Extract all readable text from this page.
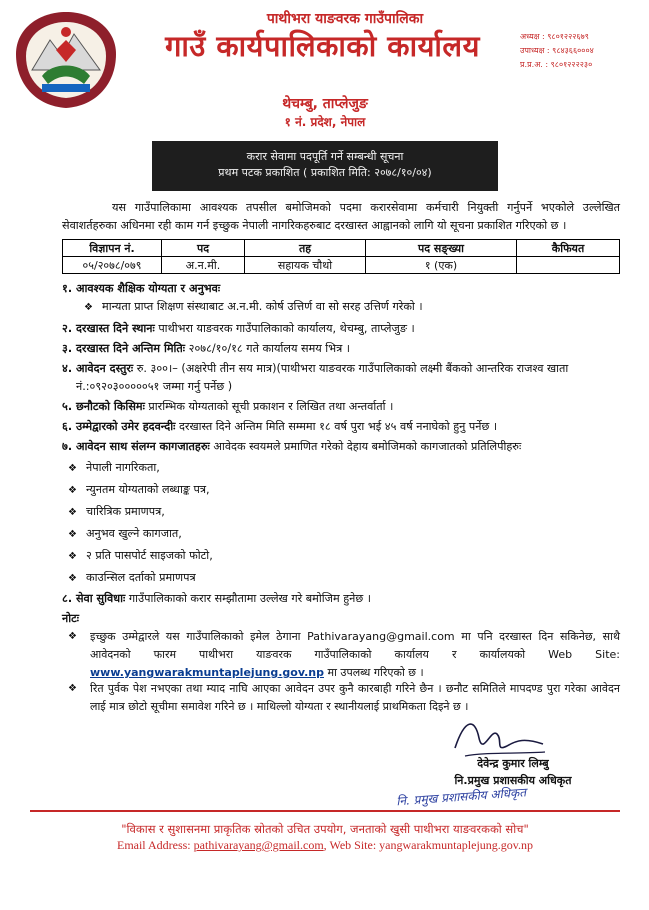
पाथीभरा याङवरक गाउँपालिका
गाउँ कार्यपालिकाको कार्यालय
थेचम्बु, ताप्लेजुङ
१ नं. प्रदेश, नेपाल
अध्यक्ष : ९८०१२२२६७९
उपाध्यक्ष : ९८४३६६०००४
प्र.प्र.अ. : ९८०१२२२२३०
करार सेवामा पदपूर्ति गर्ने सम्बन्धी सूचना
प्रथम पटक प्रकाशित ( प्रकाशित मिति: २०७८/१०/०४)
यस गाउँपालिकामा आवश्यक तपसील बमोजिमको पदमा करारसेवामा कर्मचारी नियुक्ती गर्नुपर्ने भएकोले उल्लेखित सेवाशर्तहरुका अधिनमा रही काम गर्न इच्छुक नेपाली नागरिकहरुबाट दरखास्त आह्वानको लागि यो सूचना प्रकाशित गरिएको छ ।
विज्ञापन नं.	पद	तह	पद सङ्ख्या	कैफियत
०५/२०७८/०७९	अ.न.मी.	सहायक चौथो	१ (एक)	
१. आवश्यक शैक्षिक योग्यता र अनुभवः
❖ मान्यता प्राप्त शिक्षण संस्थाबाट अ.न.मी. कोर्ष उत्तिर्ण वा सो सरह उत्तिर्ण गरेको ।
२. दरखास्त दिने स्थानः पाथीभरा याङवरक गाउँपालिकाको कार्यालय, थेचम्बु, ताप्लेजुङ ।
३. दरखास्त दिने अन्तिम मितिः २०७८/१०/१८ गते कार्यालय समय भित्र ।
४. आवेदन दस्तुरः रु. ३००।– (अक्षरेपी तीन सय मात्र)(पाथीभरा याङवरक गाउँपालिकाको लक्ष्मी बैंकको आन्तरिक राजश्व खाता
नं.:०९२०३०००००५१ जम्मा गर्नु पर्नेछ )
५. छनौटको किसिमः प्रारम्भिक योग्यताको सूची प्रकाशन र लिखित तथा अन्तर्वार्ता ।
६. उम्मेद्वारको उमेर हदवन्दीः दरखास्त दिने अन्तिम मिति सम्ममा १८ वर्ष पुरा भई ४५ वर्ष ननाघेको हुनु पर्नेछ ।
७. आवेदन साथ संलग्न कागजातहरुः आवेदक स्वयमले प्रमाणित गरेको देहाय बमोजिमको कागजातको प्रतिलिपीहरुः
❖ नेपाली नागरिकता,
❖ न्युनतम योग्यताको लब्धाङ्क पत्र,
❖ चारित्रिक प्रमाणपत्र,
❖ अनुभव खुल्ने कागजात,
❖ २ प्रति पासपोर्ट साइजको फोटो,
❖ काउन्सिल दर्ताको प्रमाणपत्र
८. सेवा सुविधाः गाउँपालिकाको करार सम्झौतामा उल्लेख गरे बमोजिम हुनेछ ।
नोटः
❖ इच्छुक उम्मेद्वारले यस गाउँपालिकाको इमेल ठेगाना Pathivarayang@gmail.com मा पनि दरखास्त दिन सकिनेछ, साथै आवेदनको फारम पाथीभरा याङवरक गाउँपालिकाको कार्यालय र कार्यालयको Web Site: www.yangwarakmuntaplejung.gov.np मा उपलब्ध गरिएको छ ।
❖ रित पुर्वक पेश नभएका तथा म्याद नाघि आएका आवेदन उपर कुनै कारबाही गरिने छैन । छनौट समितिले मापदण्ड पुरा गरेका आवेदन लाई मात्र छोटो सूचीमा समावेश गरिने छ । माथिल्लो योग्यता र स्थानीयलाई प्राथमिकता दिइने छ ।
देवेन्द्र कुमार लिम्बु
नि.प्रमुख प्रशासकीय अधिकृत
नि. प्रमुख प्रशासकीय अधिकृत
"विकास र सुशासनमा प्राकृतिक स्रोतको उचित उपयोग, जनताको खुसी पाथीभरा याङवरकको सोच"
Email Address: pathivarayang@gmail.com, Web Site: yangwarakmuntaplejung.gov.np
